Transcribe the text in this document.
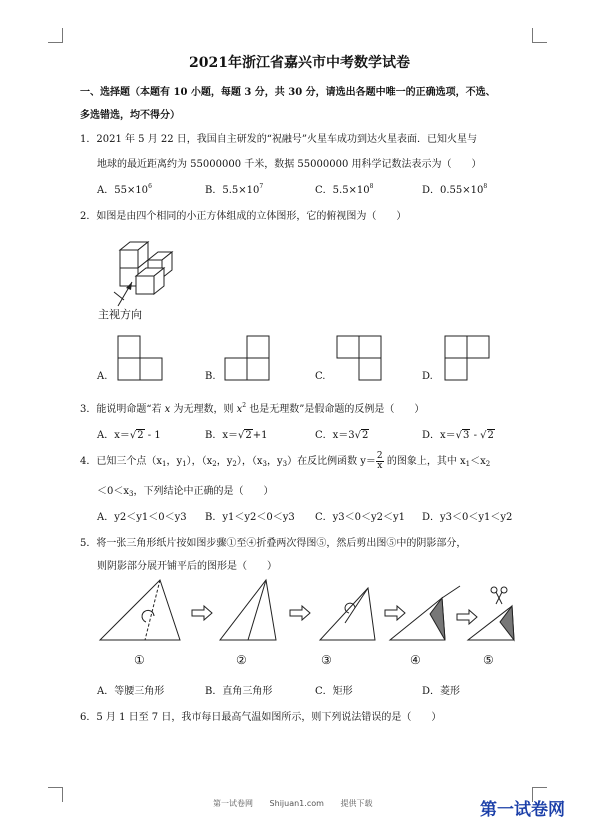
2021年浙江省嘉兴市中考数学试卷
一、选择题（本题有 10 小题，每题 3 分，共 30 分，请选出各题中唯一的正确选项，不选、
多选错选，均不得分）
1．2021 年 5 月 22 日，我国自主研发的“祝融号”火星车成功到达火星表面．已知火星与
地球的最近距离约为 55000000 千米，数据 55000000 用科学记数法表示为（　　）
A．$55\times 10^6$	B．$5.5\times 10^7$	C．$5.5\times 10^8$	D．$0.55\times 10^8$
2．如图是由四个相同的小正方体组成的立体图形，它的俯视图为（　　）
主视方向
A.	B.	C.	D.
3．能说明命题“若 x 为无理数，则 $x^2$ 也是无理数”是假命题的反例是（　　）
A．x＝√2 - 1	B．x＝√2+1	C．x＝3√2	D．x＝√3 - √2
4．已知三个点（$x_1$，$y_1$），（$x_2$，$y_2$），（$x_3$，$y_3$）在反比例函数 $y= \frac{2}{x}$ 的图象上，其中 $x_1<x_2$
$<0<x_3$，下列结论中正确的是（　　）
A．y2＜y1＜0＜y3 B．y1＜y2＜0＜y3 C．y3＜0＜y2＜y1 D．y3＜0＜y1＜y2
5．将一张三角形纸片按如图步骤①至④折叠两次得图⑤，然后剪出图⑤中的阴影部分，
则阴影部分展开铺平后的图形是（　　）
①	②	③	④	⑤
A．等腰三角形	B．直角三角形	C．矩形	D．菱形
6．5 月 1 日至 7 日，我市每日最高气温如图所示，则下列说法错误的是（　　）
第一试卷网 Shijuan1.com 提供下载	第一试卷网
